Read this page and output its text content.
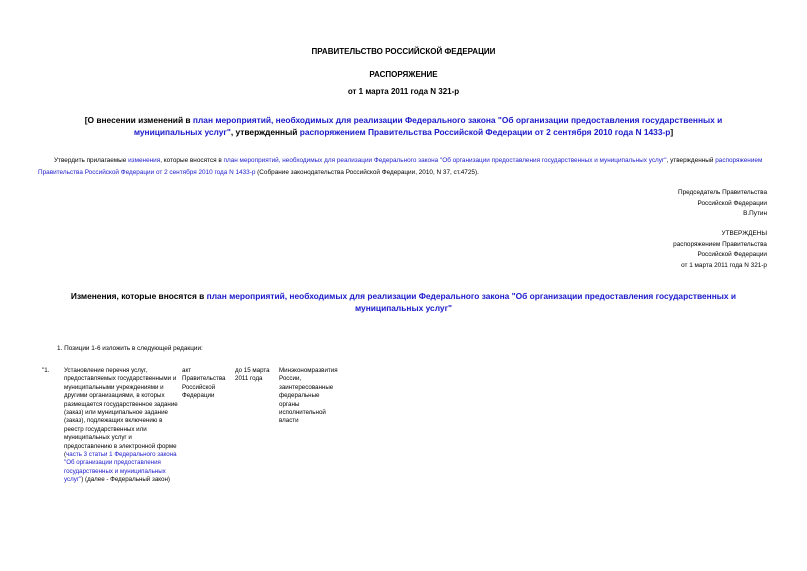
ПРАВИТЕЛЬСТВО РОССИЙСКОЙ ФЕДЕРАЦИИ
РАСПОРЯЖЕНИЕ
от 1 марта 2011 года N 321-р
[О внесении изменений в план мероприятий, необходимых для реализации Федерального закона "Об организации предоставления государственных и муниципальных услуг", утвержденный распоряжением Правительства Российской Федерации от 2 сентября 2010 года N 1433-р]
Утвердить прилагаемые изменения, которые вносятся в план мероприятий, необходимых для реализации Федерального закона "Об организации предоставления государственных и муниципальных услуг", утвержденный распоряжением Правительства Российской Федерации от 2 сентября 2010 года N 1433-р (Собрание законодательства Российской Федерации, 2010, N 37, ст.4725).
Председатель Правительства
Российской Федерации
В.Путин
УТВЕРЖДЕНЫ
распоряжением Правительства
Российской Федерации
от 1 марта 2011 года N 321-р
Изменения, которые вносятся в план мероприятий, необходимых для реализации Федерального закона "Об организации предоставления государственных и муниципальных услуг"
1. Позиции 1-6 изложить в следующей редакции:
"1. Установление перечня услуг, предоставляемых государственными и муниципальными учреждениями и другими организациями, в которых размещается государственное задание (заказ) или муниципальное задание (заказ), подлежащих включению в реестр государственных или муниципальных услуг и предоставлению в электронной форме (часть 3 статьи 1 Федерального закона "Об организации предоставления государственных и муниципальных услуг") (далее - Федеральный закон)
акт Правительства Российской Федерации
до 15 марта 2011 года
Минэкономразвития России, заинтересованные федеральные органы исполнительной власти
